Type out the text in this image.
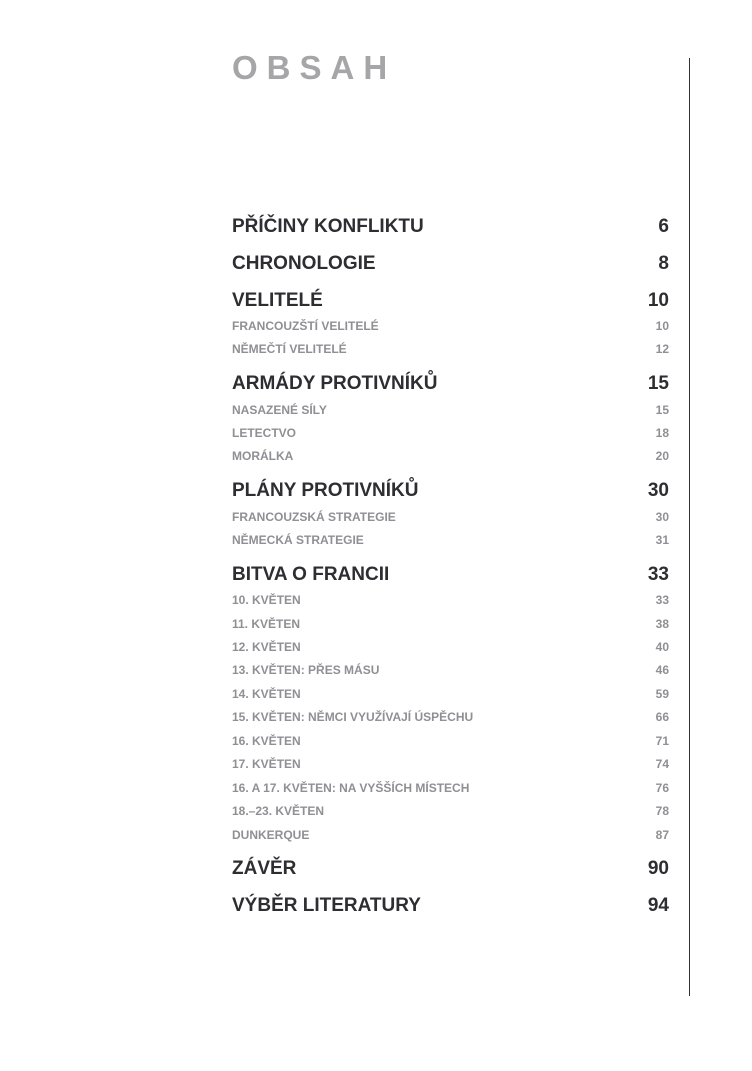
OBSAH
PŘÍČINY KONFLIKTU	6
CHRONOLOGIE	8
VELITELÉ	10
FRANCOUZŠTÍ VELITELÉ	10
NĚMEČTÍ VELITELÉ	12
ARMÁDY PROTIVNÍKŮ	15
NASAZENÉ SÍLY	15
LETECTVO	18
MORÁLKA	20
PLÁNY PROTIVNÍKŮ	30
FRANCOUZSKÁ STRATEGIE	30
NĚMECKÁ STRATEGIE	31
BITVA O FRANCII	33
10. KVĚTEN	33
11. KVĚTEN	38
12. KVĚTEN	40
13. KVĚTEN: PŘES MÁSU	46
14. KVĚTEN	59
15. KVĚTEN: NĚMCI VYUŽÍVAJÍ ÚSPĚCHU	66
16. KVĚTEN	71
17. KVĚTEN	74
16. A 17. KVĚTEN: NA VYŠŠÍCH MÍSTECH	76
18.–23. KVĚTEN	78
DUNKERQUE	87
ZÁVĚR	90
VÝBĚR LITERATURY	94
